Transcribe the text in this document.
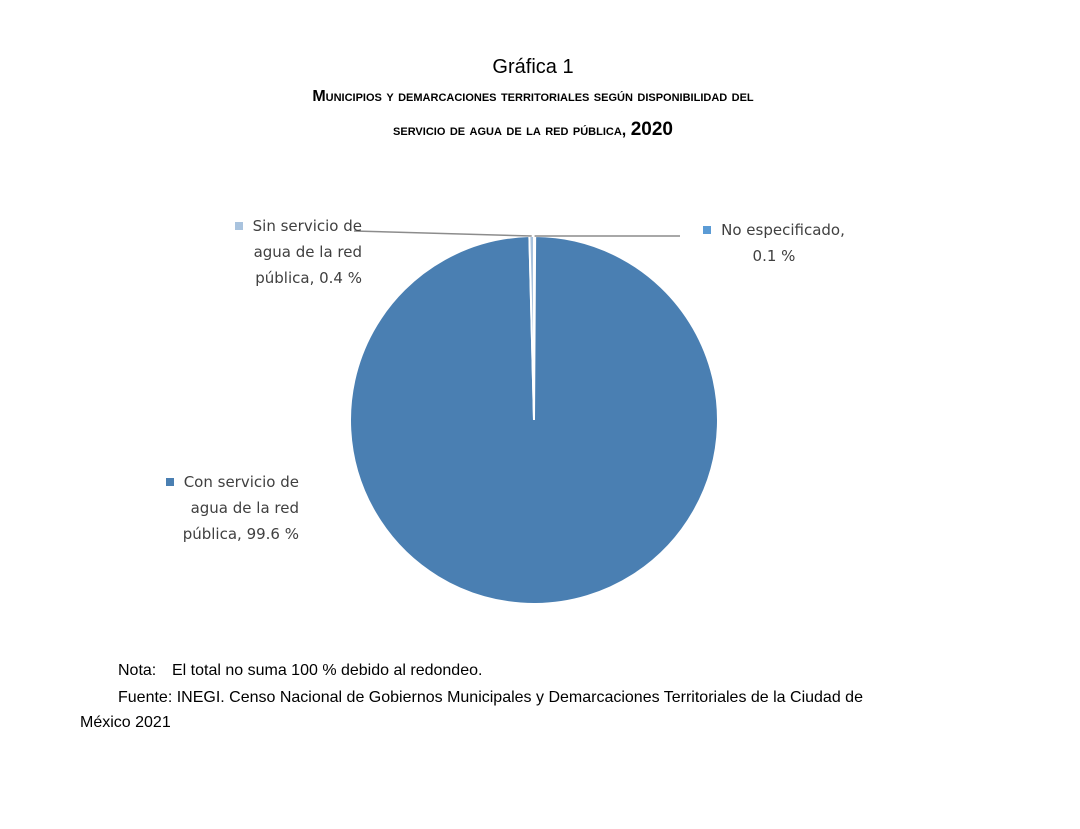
Gráfica 1
Municipios y demarcaciones territoriales según disponibilidad del
servicio de agua de la red pública, 2020
Sin servicio de
agua de la red
pública, 0.4 %
No especificado,
0.1 %
Con servicio de
agua de la red
pública, 99.6 %
Nota: El total no suma 100 % debido al redondeo.
Fuente: INEGI. Censo Nacional de Gobiernos Municipales y Demarcaciones Territoriales de la Ciudad de
México 2021
